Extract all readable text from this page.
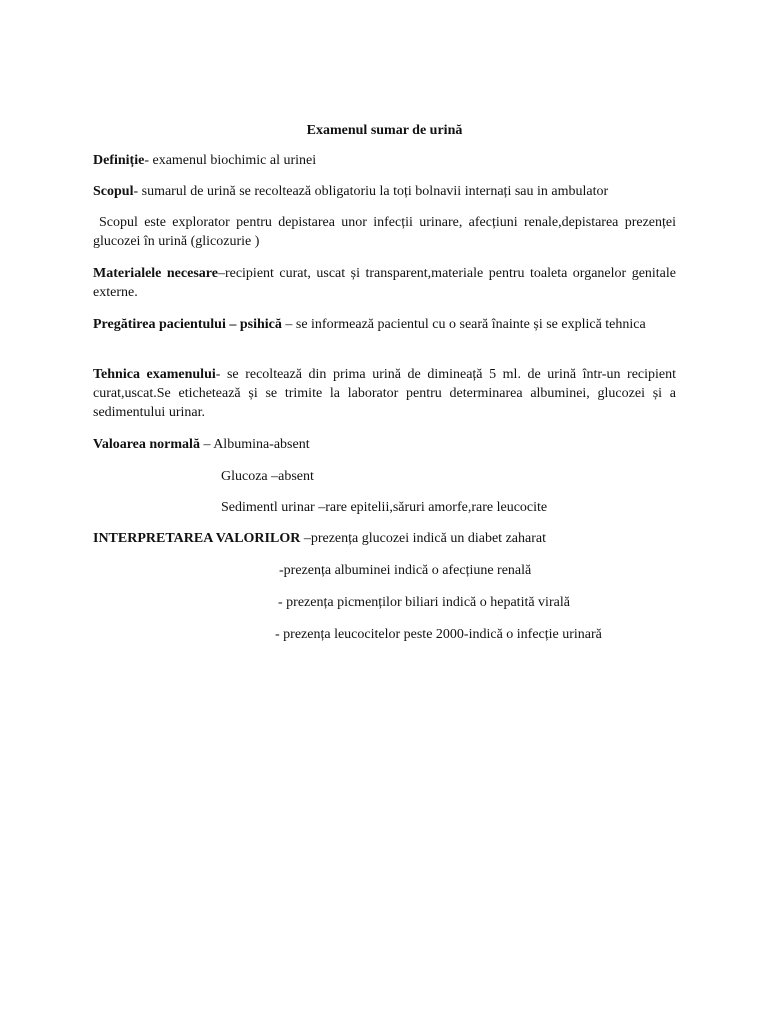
Examenul sumar de urină
Definiție- examenul biochimic al urinei
Scopul- sumarul de urină se recoltează obligatoriu la toți bolnavii internați sau in ambulator
Scopul este explorator pentru depistarea unor infecții urinare, afecțiuni renale,depistarea prezenței glucozei în urină (glicozurie )
Materialele necesare–recipient curat, uscat și transparent,materiale pentru toaleta organelor genitale externe.
Pregătirea pacientului – psihică – se informează pacientul cu o seară înainte și se explică tehnica
Tehnica examenului- se recoltează din prima urină de dimineață 5 ml. de urină într-un recipient curat,uscat.Se etichetează și se trimite la laborator pentru determinarea albuminei, glucozei și a sedimentului urinar.
Valoarea normală – Albumina-absent
Glucoza –absent
Sedimentl urinar –rare epitelii,săruri amorfe,rare leucocite
INTERPRETAREA VALORILOR –prezența glucozei indică un diabet zaharat
-prezența albuminei indică o afecțiune renală
- prezența picmenților biliari indică o hepatită virală
- prezența leucocitelor peste 2000-indică o infecție urinară
